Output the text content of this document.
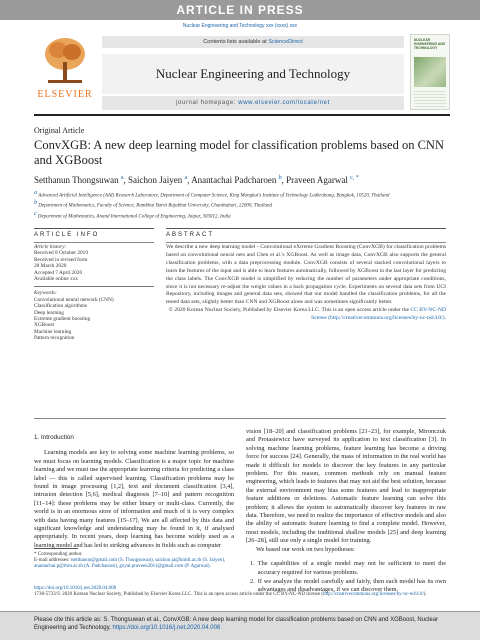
ARTICLE IN PRESS
Nuclear Engineering and Technology xxx (xxxx) xxx
ELSEVIER
Contents lists available at ScienceDirect
Nuclear Engineering and Technology
journal homepage: www.elsevier.com/locate/net
NUCLEAR ENGINEERING AND TECHNOLOGY
Original Article
ConvXGB: A new deep learning model for classification problems based on CNN and XGBoost
Setthanun Thongsuwan $^a$, Saichon Jaiyen $^a$, Anantachai Padcharoen $^b$, Praveen Agarwal $^{c, *}$
$^a$ Advanced Artificial Intelligence (AAI) Research Laboratory, Department of Computer Science, King Mongkut's Institute of Technology Ladkrabang, Bangkok, 10520, Thailand
$^b$ Department of Mathematics, Faculty of Science, Rambhai Barni Rajabhat University, Chanthaburi, 22000, Thailand
$^c$ Department of Mathematics, Anand International College of Engineering, Jaipur, 303012, India
ARTICLE INFO	ABSTRACT
Article history:
Received 8 October 2019
Received in revised form
28 March 2020
Accepted 7 April 2020
Available online xxx
Keywords:
Convolutional neural network (CNN)
Classification algorithms
Deep learning
Extreme gradient boosting
XGBoost
Machine learning
Pattern recognition
We describe a new deep learning model - Convolutional eXtreme Gradient Boosting (ConvXGB) for classification problems based on convolutional neural nets and Chen et al.'s XGBoost. As well as image data, ConvXGB also supports the general classification problems, with a data preprocessing module. ConvXGB consists of several stacked convolutional layers to learn the features of the input and is able to learn features automatically, followed by XGBoost in the last layer for predicting the class labels. The ConvXGB model is simplified by reducing the number of parameters under appropriate conditions, since it is not necessary re-adjust the weight values in a back propagation cycle. Experiments on several data sets from UCI Repository, including images and general data sets, showed that our model handled the classification problems, for all the tested data sets, slightly better than CNN and XGBoost alone and was sometimes significantly better.
© 2020 Korean Nuclear Society, Published by Elsevier Korea LLC. This is an open access article under the CC BY-NC-ND license (http://creativecommons.org/licenses/by-nc-nd/4.0/).
1. Introduction

Learning models are key to solving some machine learning problems, so we must focus on learning models. Classification is a major topic for machine learning and we must use the appropriate learning criteria for predicting a class label — this is called supervised learning. Classification problems may be found in image processing [1,2], text and document classification [3,4], intrusion detection [5,6], medical diagnosis [7–10] and pattern recognition [11–14]: these problems may be either binary or multi-class. Currently, the world is in an enormous store of information and much of it is very complex with data having many features [15–17]. We are all affected by this data and significant knowledge and understanding may be found in it, if analysed appropriately. In recent years, deep learning has become widely used as a learning model and has led to striking advances in fields such as computer

vision [18–20] and classification problems [21–23], for example, Mironczuk and Protasiewicz have surveyed its application to text classification [3]. In solving machine learning problems, feature learning has become a driving force for success [24]. Generally, the mass of information in the real world has made it difficult for models to discover the key features in any particular problem. For this reason, common methods rely on manual feature engineering, which leads to features that may not aid the best solution, because the external environment may bias some features and lead to inappropriate feature additions or deletions. Automatic feature learning can solve this problem; it allows the system to automatically discover key features in raw data. Therefore, we need to realize the importance of effective models and also the ability of automatic feature learning to find a complete model. However, most models, including the traditional shallow models [25] and deep learning [26–28], still use only a single model for training.

We based our work on two hypotheses:

1. The capabilities of a single model may not be sufficient to meet the accuracy required for various problems.
2. If we analyze the model carefully and fairly, then each model has its own advantages and disadvantages, if we can discover them.
* Corresponding author.
E-mail addresses: tsetthanun@gmail.com (S. Thongsuwan), saichon.ja@kmitl.ac.th (S. Jaiyen), anantachai.p@rbru.ac.th (A. Padcharoen), goyal.praveen2011@gmail.com (P. Agarwal).
https://doi.org/10.1016/j.net.2020.04.008
1738-5733/© 2020 Korean Nuclear Society, Published by Elsevier Korea LLC. This is an open access article under the CC BY-NC-ND license (http://creativecommons.org/licenses/by-nc-nd/4.0/).
Please cite this article as: S. Thongsuwan et al., ConvXGB: A new deep learning model for classification problems based on CNN and XGBoost, Nuclear Engineering and Technology, https://doi.org/10.1016/j.net.2020.04.008
